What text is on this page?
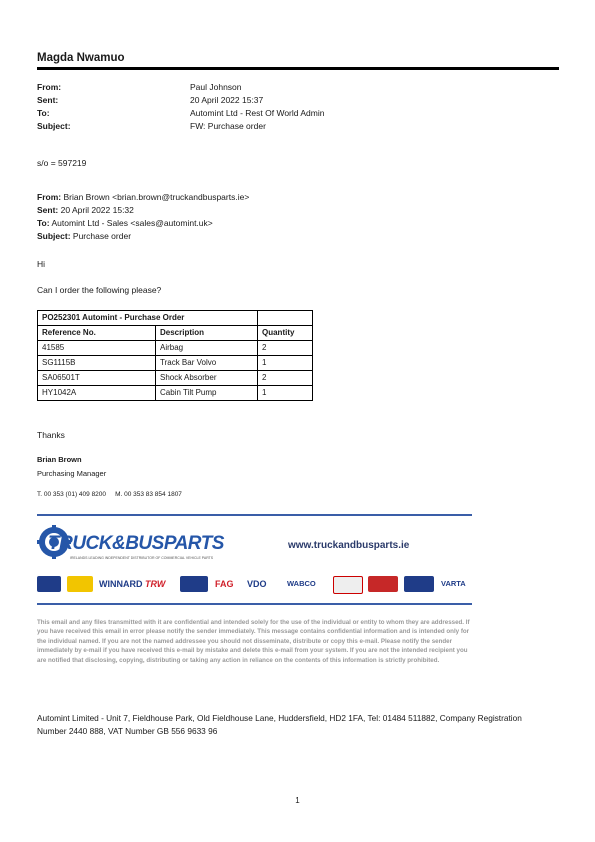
Magda Nwamuo
From:	Paul Johnson
Sent:	20 April 2022 15:37
To:	Automint Ltd - Rest Of World Admin
Subject:	FW: Purchase order
s/o = 597219
From: Brian Brown <brian.brown@truckandbusparts.ie>
Sent: 20 April 2022 15:32
To: Automint Ltd - Sales <sales@automint.uk>
Subject: Purchase order
Hi
Can I order the following please?
PO252301 Automint - Purchase Order		
Reference No.	Description	Quantity
41585	Airbag	2
SG1115B	Track Bar Volvo	1
SA06501T	Shock Absorber	2
HY1042A	Cabin Tilt Pump	1
Thanks
Brian Brown
Purchasing Manager
T. 00 353 (01) 409 8200 M. 00 353 83 854 1807
TRUCK&BUSPARTS
IRELANDS LEADING INDEPENDENT DISTRIBUTOR OF COMMERCIAL VEHICLE PARTS
www.truckandbusparts.ie
WINNARD TRW	FAG VDO	WABCO	VARTA
This email and any files transmitted with it are confidential and intended solely for the use of the individual or entity to whom they are addressed. If you have received this email in error please notify the sender immediately. This message contains confidential information and is intended only for the individual named. If you are not the named addressee you should not disseminate, distribute or copy this e-mail. Please notify the sender immediately by e-mail if you have received this e-mail by mistake and delete this e-mail from your system. If you are not the intended recipient you are notified that disclosing, copying, distributing or taking any action in reliance on the contents of this information is strictly prohibited.
Automint Limited - Unit 7, Fieldhouse Park, Old Fieldhouse Lane, Huddersfield, HD2 1FA, Tel: 01484 511882, Company Registration Number 2440 888, VAT Number GB 556 9633 96
1
